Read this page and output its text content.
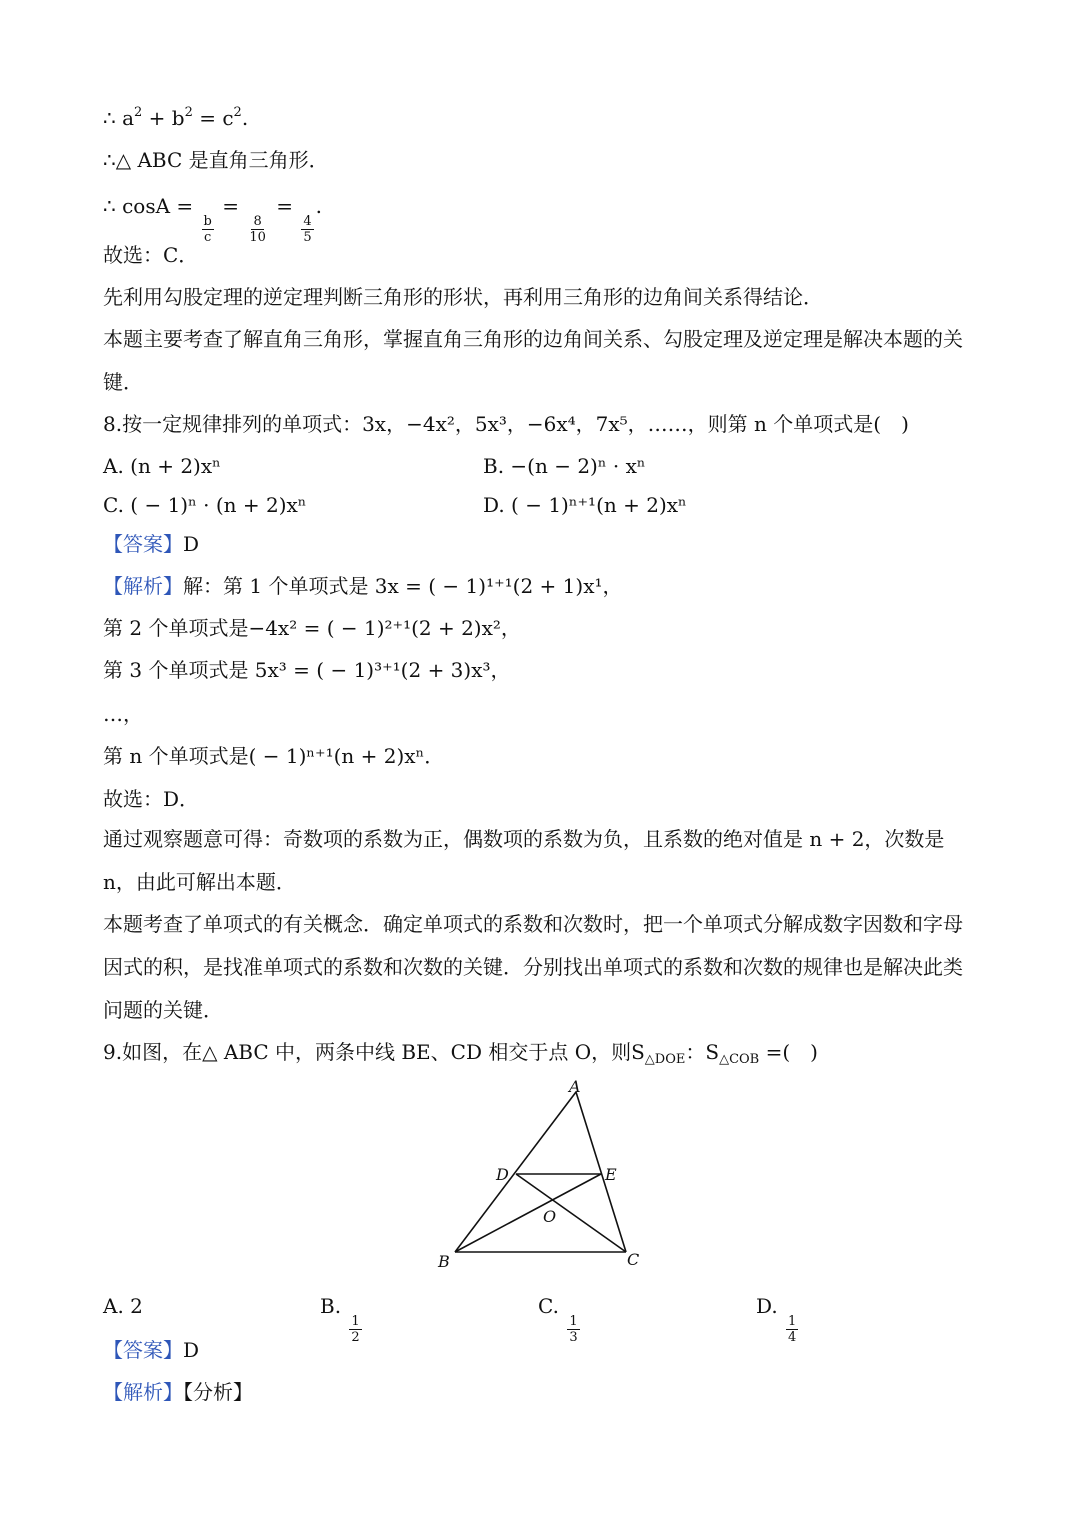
∴ $a^2 + b^2 = c^2$.
∴△ ABC 是直角三角形．
∴ cosA =
$\frac{b}{c}$
=
$\frac{8}{10}$
=
$\frac{4}{5}$
.
故选：C．
先利用勾股定理的逆定理判断三角形的形状，再利用三角形的边角间关系得结论．
本题主要考查了解直角三角形，掌握直角三角形的边角间关系、勾股定理及逆定理是解决本题的关键．
8.按一定规律排列的单项式：3x，−4x²，5x³，−6x⁴，7x⁵，……，则第 n 个单项式是(　)
A. (n + 2)xⁿ	B. −(n − 2)ⁿ · xⁿ
C. ( − 1)ⁿ · (n + 2)xⁿ	D. ( − 1)ⁿ⁺¹(n + 2)xⁿ
【答案】D
【解析】解：第 1 个单项式是 3x = ( − 1)¹⁺¹(2 + 1)x¹，
第 2 个单项式是−4x² = ( − 1)²⁺¹(2 + 2)x²，
第 3 个单项式是 5x³ = ( − 1)³⁺¹(2 + 3)x³，
…，
第 n 个单项式是( − 1)ⁿ⁺¹(n + 2)xⁿ．
故选：D．
通过观察题意可得：奇数项的系数为正，偶数项的系数为负，且系数的绝对值是 n + 2，次数是 n，由此可解出本题．
本题考查了单项式的有关概念．确定单项式的系数和次数时，把一个单项式分解成数字因数和字母因式的积，是找准单项式的系数和次数的关键．分别找出单项式的系数和次数的规律也是解决此类问题的关键．
9.如图，在△ ABC 中，两条中线 BE、CD 相交于点 O，则$S_{\triangle DOE}$：$S_{\triangle COB}$ =(　)
A
B	C
D	E
O
A. 2	B.
$\frac{1}{2}$
C.
$\frac{1}{3}$
D.
$\frac{1}{4}$
【答案】D
【解析】【分析】
